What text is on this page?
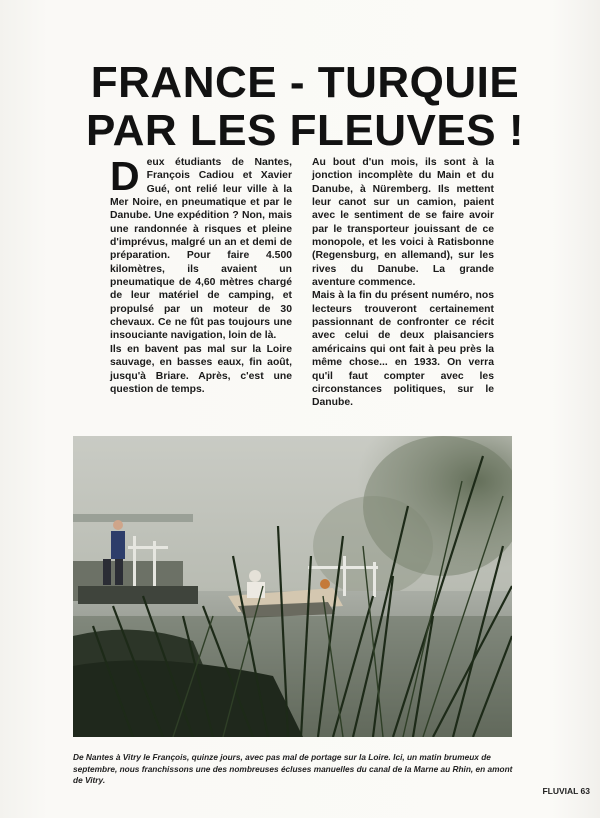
FRANCE - TURQUIE
PAR LES FLEUVES !

Deux étudiants de Nantes, François Cadiou et Xavier Gué, ont relié leur ville à la Mer Noire, en pneumatique et par le Danube. Une expédition ? Non, mais une randonnée à risques et pleine d'imprévus, malgré un an et demi de préparation. Pour faire 4.500 kilomètres, ils avaient un pneumatique de 4,60 mètres chargé de leur matériel de camping, et propulsé par un moteur de 30 chevaux. Ce ne fût pas toujours une insouciante navigation, loin de là.

Ils en bavent pas mal sur la Loire sauvage, en basses eaux, fin août, jusqu'à Briare. Après, c'est une question de temps.

Au bout d'un mois, ils sont à la jonction incomplète du Main et du Danube, à Nüremberg. Ils mettent leur canot sur un camion, paient avec le sentiment de se faire avoir par le transporteur jouissant de ce monopole, et les voici à Ratisbonne (Regensburg, en allemand), sur les rives du Danube. La grande aventure commence.

Mais à la fin du présent numéro, nos lecteurs trouveront certainement passionnant de confronter ce récit avec celui de deux plaisanciers américains qui ont fait à peu près la même chose... en 1933. On verra qu'il faut compter avec les circonstances politiques, sur le Danube.

De Nantes à Vitry le François, quinze jours, avec pas mal de portage sur la Loire. Ici, un matin brumeux de septembre, nous franchissons une des nombreuses écluses manuelles du canal de la Marne au Rhin, en amont de Vitry.

FLUVIAL 63
